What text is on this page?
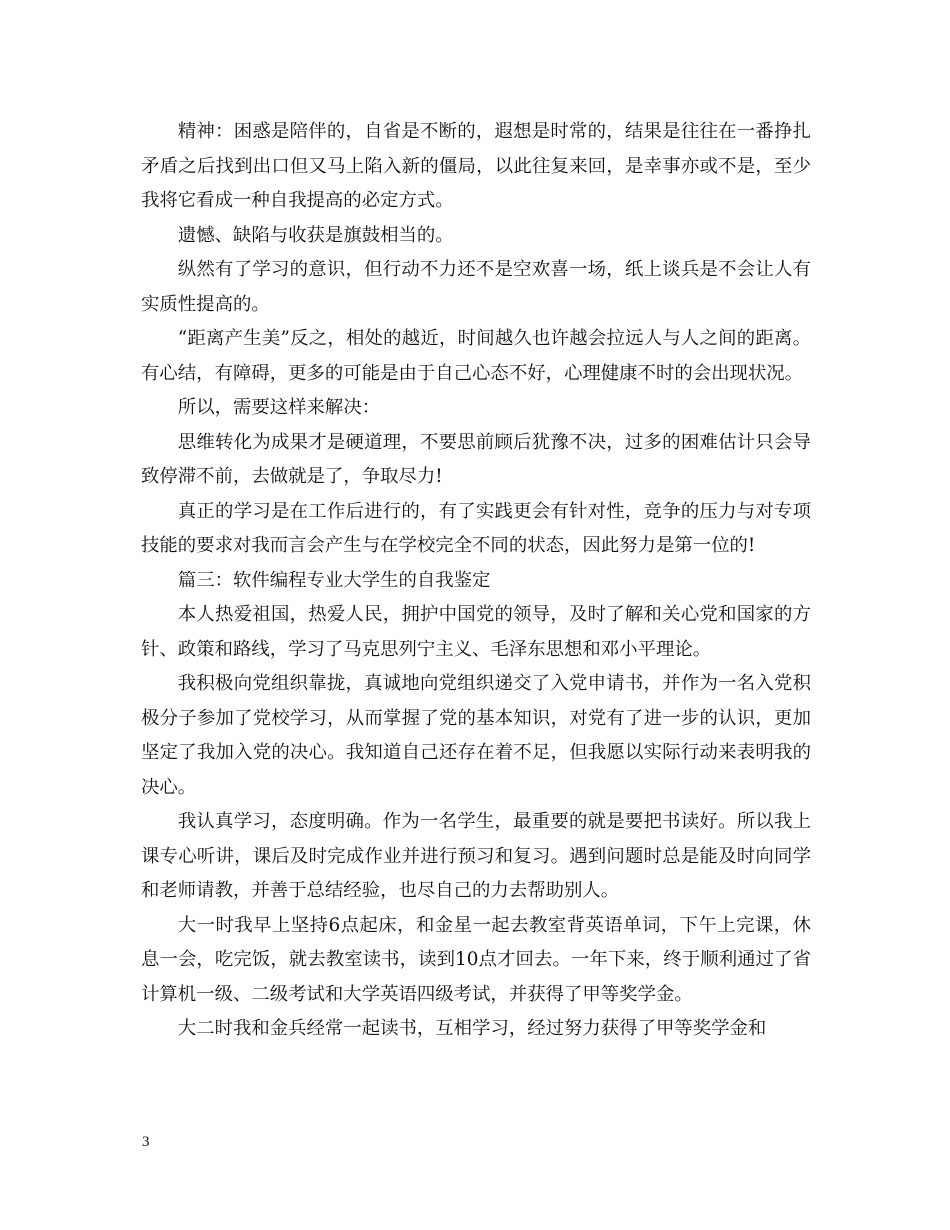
精神：困惑是陪伴的，自省是不断的，遐想是时常的，结果是往往在一番挣扎矛盾之后找到出口但又马上陷入新的僵局，以此往复来回，是幸事亦或不是，至少我将它看成一种自我提高的必定方式。

遗憾、缺陷与收获是旗鼓相当的。

纵然有了学习的意识，但行动不力还不是空欢喜一场，纸上谈兵是不会让人有实质性提高的。

“距离产生美”反之，相处的越近，时间越久也许越会拉远人与人之间的距离。有心结，有障碍，更多的可能是由于自己心态不好，心理健康不时的会出现状况。

所以，需要这样来解决：

思维转化为成果才是硬道理，不要思前顾后犹豫不决，过多的困难估计只会导致停滞不前，去做就是了，争取尽力!

真正的学习是在工作后进行的，有了实践更会有针对性，竞争的压力与对专项技能的要求对我而言会产生与在学校完全不同的状态，因此努力是第一位的!

篇三：软件编程专业大学生的自我鉴定

本人热爱祖国，热爱人民，拥护中国党的领导，及时了解和关心党和国家的方针、政策和路线，学习了马克思列宁主义、毛泽东思想和邓小平理论。

我积极向党组织靠拢，真诚地向党组织递交了入党申请书，并作为一名入党积极分子参加了党校学习，从而掌握了党的基本知识，对党有了进一步的认识，更加坚定了我加入党的决心。我知道自己还存在着不足，但我愿以实际行动来表明我的决心。

我认真学习，态度明确。作为一名学生，最重要的就是要把书读好。所以我上课专心听讲，课后及时完成作业并进行预习和复习。遇到问题时总是能及时向同学和老师请教，并善于总结经验，也尽自己的力去帮助别人。

大一时我早上坚持6点起床，和金星一起去教室背英语单词，下午上完课，休息一会，吃完饭，就去教室读书，读到10点才回去。一年下来，终于顺利通过了省计算机一级、二级考试和大学英语四级考试，并获得了甲等奖学金。

大二时我和金兵经常一起读书，互相学习，经过努力获得了甲等奖学金和

3
